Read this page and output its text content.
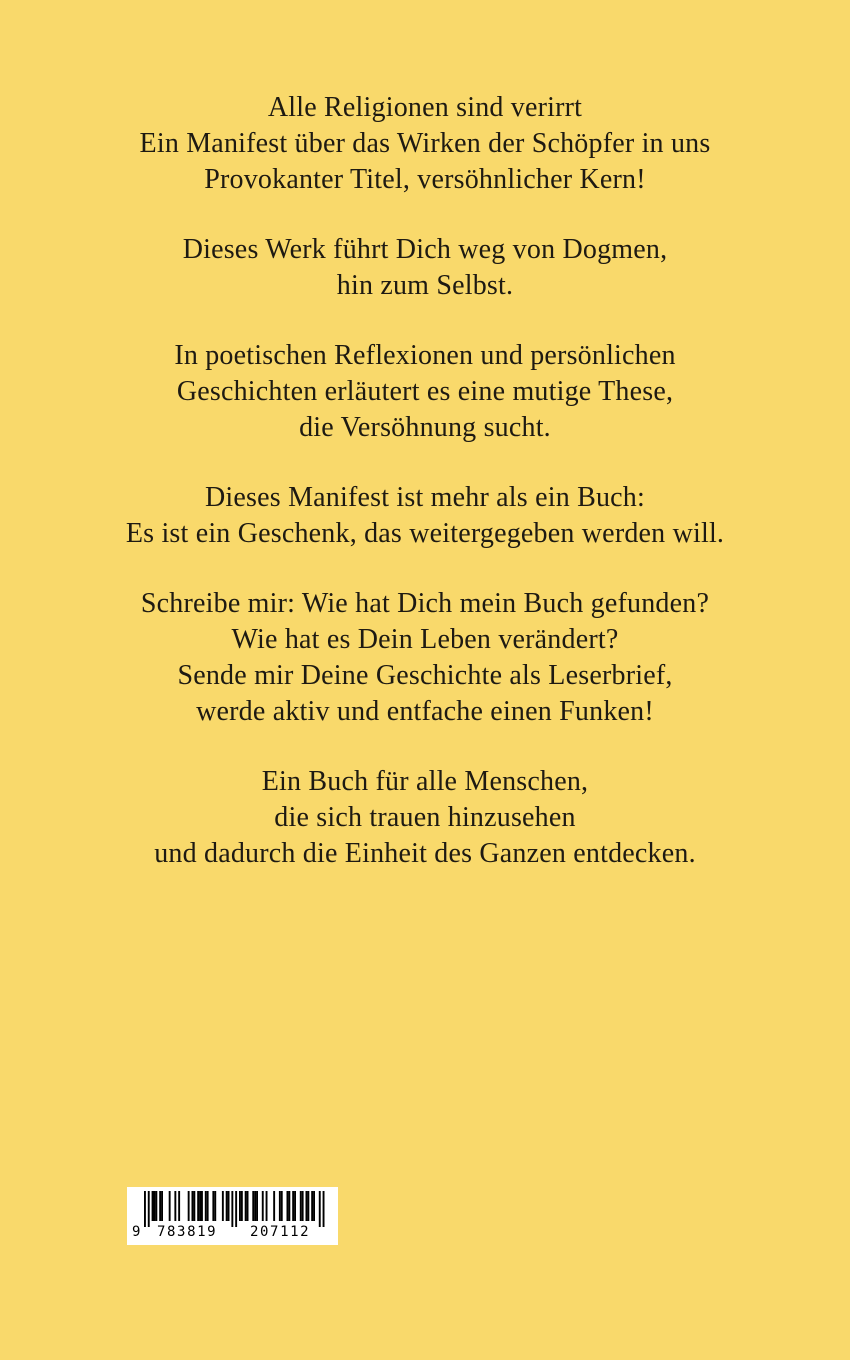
Alle Religionen sind verirrt
Ein Manifest über das Wirken der Schöpfer in uns
Provokanter Titel, versöhnlicher Kern!

Dieses Werk führt Dich weg von Dogmen,
hin zum Selbst.

In poetischen Reflexionen und persönlichen
Geschichten erläutert es eine mutige These,
die Versöhnung sucht.

Dieses Manifest ist mehr als ein Buch:
Es ist ein Geschenk, das weitergegeben werden will.

Schreibe mir: Wie hat Dich mein Buch gefunden?
Wie hat es Dein Leben verändert?
Sende mir Deine Geschichte als Leserbrief,
werde aktiv und entfache einen Funken!

Ein Buch für alle Menschen,
die sich trauen hinzusehen
und dadurch die Einheit des Ganzen entdecken.

9 783819 207112
